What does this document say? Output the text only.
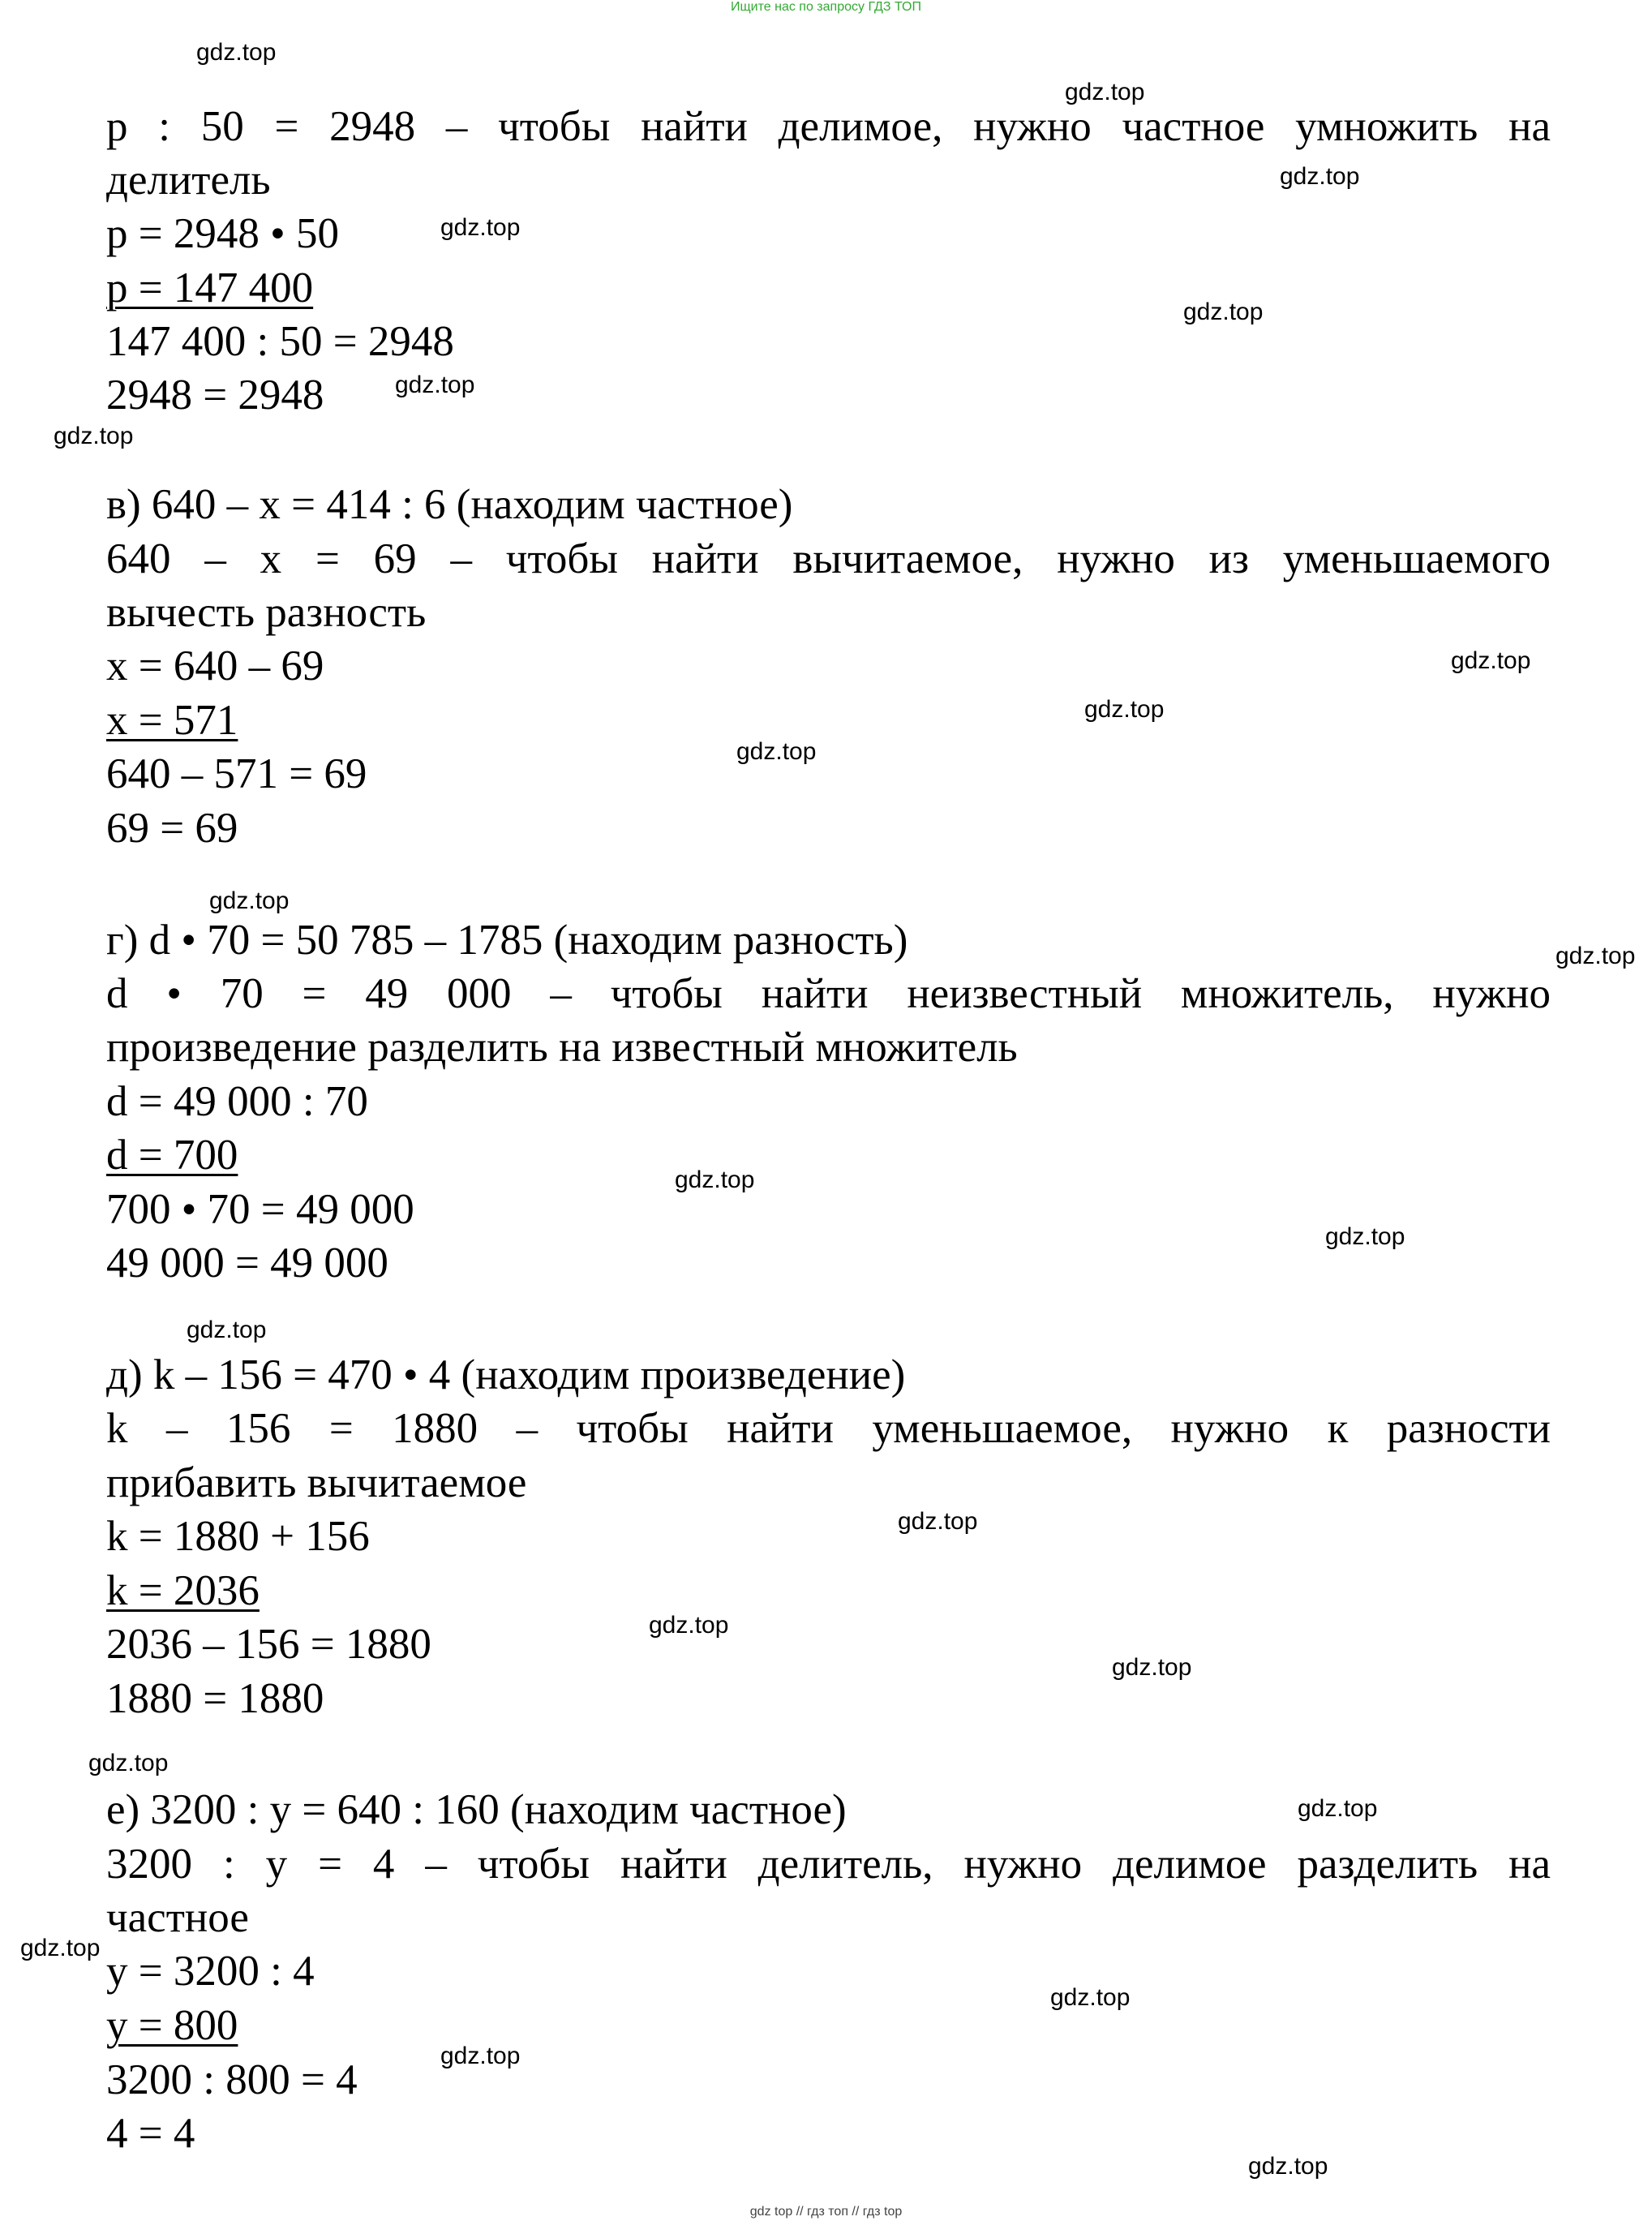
Ищите нас по запросу ГДЗ ТОП
p : 50 = 2948 – чтобы найти делимое, нужно частное умножить на
делитель
p = 2948 • 50
p = 147 400
147 400 : 50 = 2948
2948 = 2948
в) 640 – x = 414 : 6 (находим частное)
640 – x = 69 – чтобы найти вычитаемое, нужно из уменьшаемого
вычесть разность
x = 640 – 69
x = 571
640 – 571 = 69
69 = 69
г) d • 70 = 50 785 – 1785 (находим разность)
d • 70 = 49 000 – чтобы найти неизвестный множитель, нужно
произведение разделить на известный множитель
d = 49 000 : 70
d = 700
700 • 70 = 49 000
49 000 = 49 000
д) k – 156 = 470 • 4 (находим произведение)
k – 156 = 1880 – чтобы найти уменьшаемое, нужно к разности
прибавить вычитаемое
k = 1880 + 156
k = 2036
2036 – 156 = 1880
1880 = 1880
е) 3200 : y = 640 : 160 (находим частное)
3200 : y = 4 – чтобы найти делитель, нужно делимое разделить на
частное
y = 3200 : 4
y = 800
3200 : 800 = 4
4 = 4
gdz.top
gdz.top
gdz.top
gdz.top
gdz.top
gdz.top
gdz.top
gdz.top
gdz.top
gdz.top
gdz.top
gdz.top
gdz.top
gdz.top
gdz.top
gdz.top
gdz.top
gdz.top
gdz.top
gdz.top
gdz.top
gdz.top
gdz.top
gdz.top
gdz top // гдз топ // гдз top
